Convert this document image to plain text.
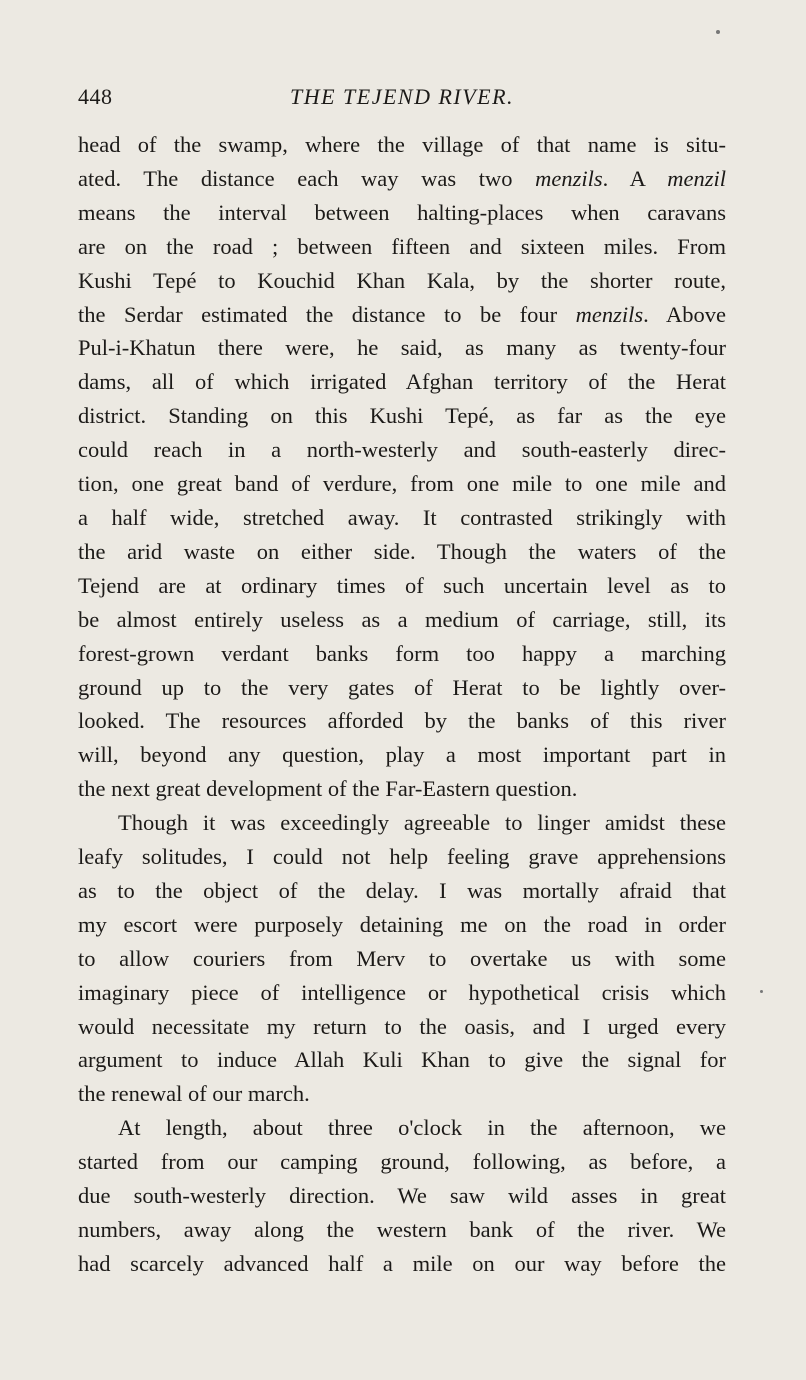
448	THE TEJEND RIVER.

head of the swamp, where the village of that name is situ-
ated. The distance each way was two menzils. A menzil
means the interval between halting-places when caravans
are on the road ; between fifteen and sixteen miles. From
Kushi Tepé to Kouchid Khan Kala, by the shorter route,
the Serdar estimated the distance to be four menzils. Above
Pul-i-Khatun there were, he said, as many as twenty-four
dams, all of which irrigated Afghan territory of the Herat
district. Standing on this Kushi Tepé, as far as the eye
could reach in a north-westerly and south-easterly direc-
tion, one great band of verdure, from one mile to one mile and
a half wide, stretched away. It contrasted strikingly with
the arid waste on either side. Though the waters of the
Tejend are at ordinary times of such uncertain level as to
be almost entirely useless as a medium of carriage, still, its
forest-grown verdant banks form too happy a marching
ground up to the very gates of Herat to be lightly over-
looked. The resources afforded by the banks of this river
will, beyond any question, play a most important part in
the next great development of the Far-Eastern question.

Though it was exceedingly agreeable to linger amidst these
leafy solitudes, I could not help feeling grave apprehensions
as to the object of the delay. I was mortally afraid that
my escort were purposely detaining me on the road in order
to allow couriers from Merv to overtake us with some
imaginary piece of intelligence or hypothetical crisis which
would necessitate my return to the oasis, and I urged every
argument to induce Allah Kuli Khan to give the signal for
the renewal of our march.

At length, about three o'clock in the afternoon, we
started from our camping ground, following, as before, a
due south-westerly direction. We saw wild asses in great
numbers, away along the western bank of the river. We
had scarcely advanced half a mile on our way before the
